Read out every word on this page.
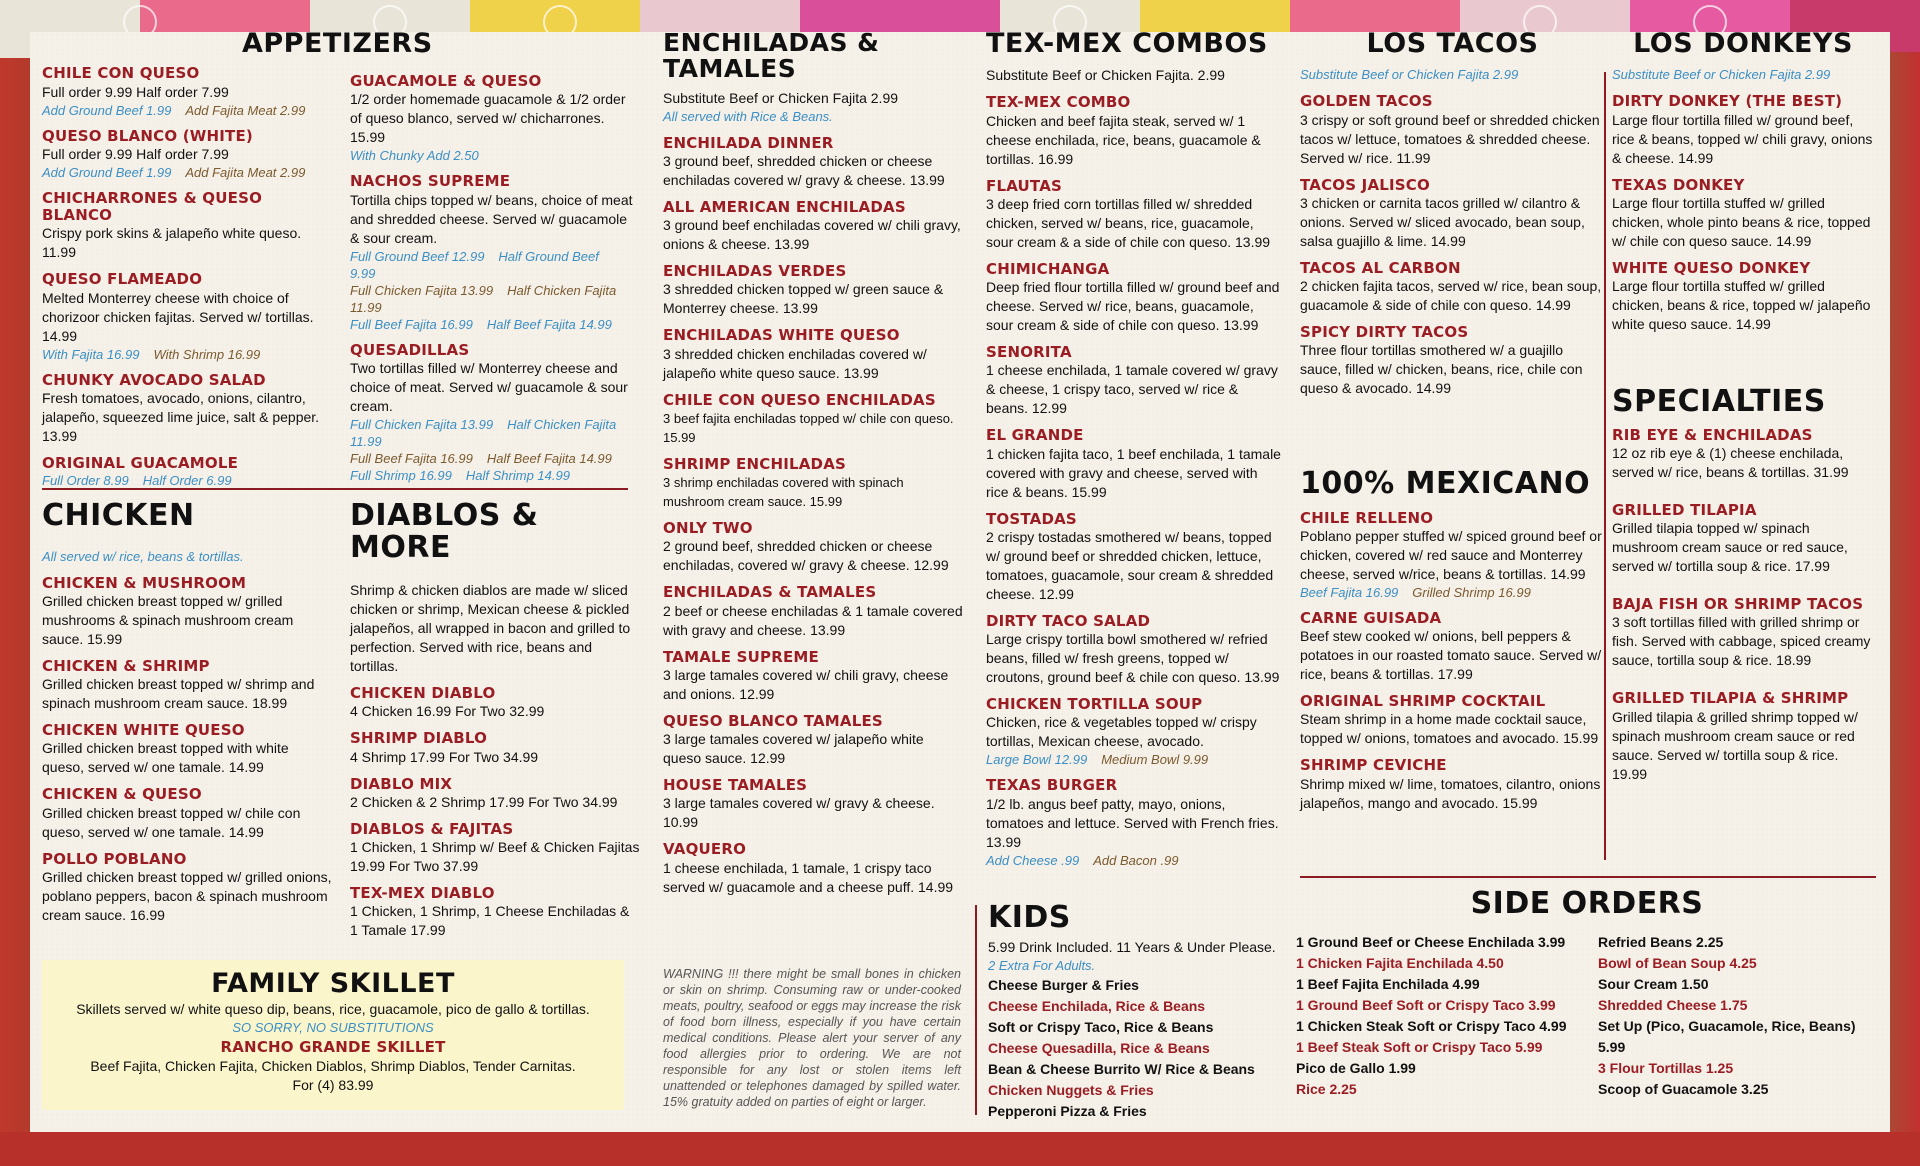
APPETIZERS
CHILE CON QUESO
Full order 9.99 Half order 7.99
Add Ground Beef 1.99 Add Fajita Meat 2.99
QUESO BLANCO (WHITE)
Full order 9.99 Half order 7.99
Add Ground Beef 1.99 Add Fajita Meat 2.99
CHICHARRONES & QUESO BLANCO
Crispy pork skins & jalapeño white queso. 11.99
QUESO FLAMEADO
Melted Monterrey cheese with choice of chorizoor chicken fajitas. Served w/ tortillas. 14.99
With Fajita 16.99 With Shrimp 16.99
CHUNKY AVOCADO SALAD
Fresh tomatoes, avocado, onions, cilantro, jalapeño, squeezed lime juice, salt & pepper. 13.99
ORIGINAL GUACAMOLE
Full Order 8.99 Half Order 6.99
GUACAMOLE & QUESO
1/2 order homemade guacamole & 1/2 order of queso blanco, served w/ chicharrones. 15.99
With Chunky Add 2.50
NACHOS SUPREME
Tortilla chips topped w/ beans, choice of meat and shredded cheese. Served w/ guacamole & sour cream.
Full Ground Beef 12.99 Half Ground Beef 9.99
Full Chicken Fajita 13.99 Half Chicken Fajita 11.99
Full Beef Fajita 16.99 Half Beef Fajita 14.99
QUESADILLAS
Two tortillas filled w/ Monterrey cheese and choice of meat. Served w/ guacamole & sour cream.
Full Chicken Fajita 13.99 Half Chicken Fajita 11.99
Full Beef Fajita 16.99 Half Beef Fajita 14.99
Full Shrimp 16.99 Half Shrimp 14.99
CHICKEN
All served w/ rice, beans & tortillas.
CHICKEN & MUSHROOM
Grilled chicken breast topped w/ grilled mushrooms & spinach mushroom cream sauce. 15.99
CHICKEN & SHRIMP
Grilled chicken breast topped w/ shrimp and spinach mushroom cream sauce. 18.99
CHICKEN WHITE QUESO
Grilled chicken breast topped with white queso, served w/ one tamale. 14.99
CHICKEN & QUESO
Grilled chicken breast topped w/ chile con queso, served w/ one tamale. 14.99
POLLO POBLANO
Grilled chicken breast topped w/ grilled onions, poblano peppers, bacon & spinach mushroom cream sauce. 16.99
DIABLOS & MORE
Shrimp & chicken diablos are made w/ sliced chicken or shrimp, Mexican cheese & pickled jalapeños, all wrapped in bacon and grilled to perfection. Served with rice, beans and tortillas.
CHICKEN DIABLO
4 Chicken 16.99 For Two 32.99
SHRIMP DIABLO
4 Shrimp 17.99 For Two 34.99
DIABLO MIX
2 Chicken & 2 Shrimp 17.99 For Two 34.99
DIABLOS & FAJITAS
1 Chicken, 1 Shrimp w/ Beef & Chicken Fajitas 19.99 For Two 37.99
TEX-MEX DIABLO
1 Chicken, 1 Shrimp, 1 Cheese Enchiladas & 1 Tamale 17.99
FAMILY SKILLET
Skillets served w/ white queso dip, beans, rice, guacamole, pico de gallo & tortillas.
SO SORRY, NO SUBSTITUTIONS
RANCHO GRANDE SKILLET
Beef Fajita, Chicken Fajita, Chicken Diablos, Shrimp Diablos, Tender Carnitas.
For (4) 83.99
ENCHILADAS & TAMALES
Substitute Beef or Chicken Fajita 2.99
All served with Rice & Beans.
ENCHILADA DINNER
3 ground beef, shredded chicken or cheese enchiladas covered w/ gravy & cheese. 13.99
ALL AMERICAN ENCHILADAS
3 ground beef enchiladas covered w/ chili gravy, onions & cheese. 13.99
ENCHILADAS VERDES
3 shredded chicken topped w/ green sauce & Monterrey cheese. 13.99
ENCHILADAS WHITE QUESO
3 shredded chicken enchiladas covered w/ jalapeño white queso sauce. 13.99
CHILE CON QUESO ENCHILADAS
3 beef fajita enchiladas topped w/ chile con queso. 15.99
SHRIMP ENCHILADAS
3 shrimp enchiladas covered with spinach mushroom cream sauce. 15.99
ONLY TWO
2 ground beef, shredded chicken or cheese enchiladas, covered w/ gravy & cheese. 12.99
ENCHILADAS & TAMALES
2 beef or cheese enchiladas & 1 tamale covered with gravy and cheese. 13.99
TAMALE SUPREME
3 large tamales covered w/ chili gravy, cheese and onions. 12.99
QUESO BLANCO TAMALES
3 large tamales covered w/ jalapeño white queso sauce. 12.99
HOUSE TAMALES
3 large tamales covered w/ gravy & cheese. 10.99
VAQUERO
1 cheese enchilada, 1 tamale, 1 crispy taco served w/ guacamole and a cheese puff. 14.99
WARNING !!! there might be small bones in chicken or skin on shrimp. Consuming raw or under-cooked meats, poultry, seafood or eggs may increase the risk of food born illness, especially if you have certain medical conditions. Please alert your server of any food allergies prior to ordering. We are not responsible for any lost or stolen items left unattended or telephones damaged by spilled water. 15% gratuity added on parties of eight or larger.
TEX-MEX COMBOS
Substitute Beef or Chicken Fajita. 2.99
TEX-MEX COMBO
Chicken and beef fajita steak, served w/ 1 cheese enchilada, rice, beans, guacamole & tortillas. 16.99
FLAUTAS
3 deep fried corn tortillas filled w/ shredded chicken, served w/ beans, rice, guacamole, sour cream & a side of chile con queso. 13.99
CHIMICHANGA
Deep fried flour tortilla filled w/ ground beef and cheese. Served w/ rice, beans, guacamole, sour cream & side of chile con queso. 13.99
SENORITA
1 cheese enchilada, 1 tamale covered w/ gravy & cheese, 1 crispy taco, served w/ rice & beans. 12.99
EL GRANDE
1 chicken fajita taco, 1 beef enchilada, 1 tamale covered with gravy and cheese, served with rice & beans. 15.99
TOSTADAS
2 crispy tostadas smothered w/ beans, topped w/ ground beef or shredded chicken, lettuce, tomatoes, guacamole, sour cream & shredded cheese. 12.99
DIRTY TACO SALAD
Large crispy tortilla bowl smothered w/ refried beans, filled w/ fresh greens, topped w/ croutons, ground beef & chile con queso. 13.99
CHICKEN TORTILLA SOUP
Chicken, rice & vegetables topped w/ crispy tortillas, Mexican cheese, avocado.
Large Bowl 12.99 Medium Bowl 9.99
TEXAS BURGER
1/2 lb. angus beef patty, mayo, onions, tomatoes and lettuce. Served with French fries. 13.99
Add Cheese .99 Add Bacon .99
KIDS
5.99 Drink Included. 11 Years & Under Please.
2 Extra For Adults.
Cheese Burger & Fries
Cheese Enchilada, Rice & Beans
Soft or Crispy Taco, Rice & Beans
Cheese Quesadilla, Rice & Beans
Bean & Cheese Burrito W/ Rice & Beans
Chicken Nuggets & Fries
Pepperoni Pizza & Fries
LOS TACOS
Substitute Beef or Chicken Fajita 2.99
GOLDEN TACOS
3 crispy or soft ground beef or shredded chicken tacos w/ lettuce, tomatoes & shredded cheese. Served w/ rice. 11.99
TACOS JALISCO
3 chicken or carnita tacos grilled w/ cilantro & onions. Served w/ sliced avocado, bean soup, salsa guajillo & lime. 14.99
TACOS AL CARBON
2 chicken fajita tacos, served w/ rice, bean soup, guacamole & side of chile con queso. 14.99
SPICY DIRTY TACOS
Three flour tortillas smothered w/ a guajillo sauce, filled w/ chicken, beans, rice, chile con queso & avocado. 14.99
100% MEXICANO
CHILE RELLENO
Poblano pepper stuffed w/ spiced ground beef or chicken, covered w/ red sauce and Monterrey cheese, served w/rice, beans & tortillas. 14.99
Beef Fajita 16.99 Grilled Shrimp 16.99
CARNE GUISADA
Beef stew cooked w/ onions, bell peppers & potatoes in our roasted tomato sauce. Served w/ rice, beans & tortillas. 17.99
ORIGINAL SHRIMP COCKTAIL
Steam shrimp in a home made cocktail sauce, topped w/ onions, tomatoes and avocado. 15.99
SHRIMP CEVICHE
Shrimp mixed w/ lime, tomatoes, cilantro, onions jalapeños, mango and avocado. 15.99
LOS DONKEYS
Substitute Beef or Chicken Fajita 2.99
DIRTY DONKEY (THE BEST)
Large flour tortilla filled w/ ground beef, rice & beans, topped w/ chili gravy, onions & cheese. 14.99
TEXAS DONKEY
Large flour tortilla stuffed w/ grilled chicken, whole pinto beans & rice, topped w/ chile con queso sauce. 14.99
WHITE QUESO DONKEY
Large flour tortilla stuffed w/ grilled chicken, beans & rice, topped w/ jalapeño white queso sauce. 14.99
SPECIALTIES
RIB EYE & ENCHILADAS
12 oz rib eye & (1) cheese enchilada, served w/ rice, beans & tortillas. 31.99
GRILLED TILAPIA
Grilled tilapia topped w/ spinach mushroom cream sauce or red sauce, served w/ tortilla soup & rice. 17.99
BAJA FISH OR SHRIMP TACOS
3 soft tortillas filled with grilled shrimp or fish. Served with cabbage, spiced creamy sauce, tortilla soup & rice. 18.99
GRILLED TILAPIA & SHRIMP
Grilled tilapia & grilled shrimp topped w/ spinach mushroom cream sauce or red sauce. Served w/ tortilla soup & rice. 19.99
SIDE ORDERS
1 Ground Beef or Cheese Enchilada 3.99
1 Chicken Fajita Enchilada 4.50
1 Beef Fajita Enchilada 4.99
1 Ground Beef Soft or Crispy Taco 3.99
1 Chicken Steak Soft or Crispy Taco 4.99
1 Beef Steak Soft or Crispy Taco 5.99
Pico de Gallo 1.99
Rice 2.25
Refried Beans 2.25
Bowl of Bean Soup 4.25
Sour Cream 1.50
Shredded Cheese 1.75
Set Up (Pico, Guacamole, Rice, Beans) 5.99
3 Flour Tortillas 1.25
Scoop of Guacamole 3.25
